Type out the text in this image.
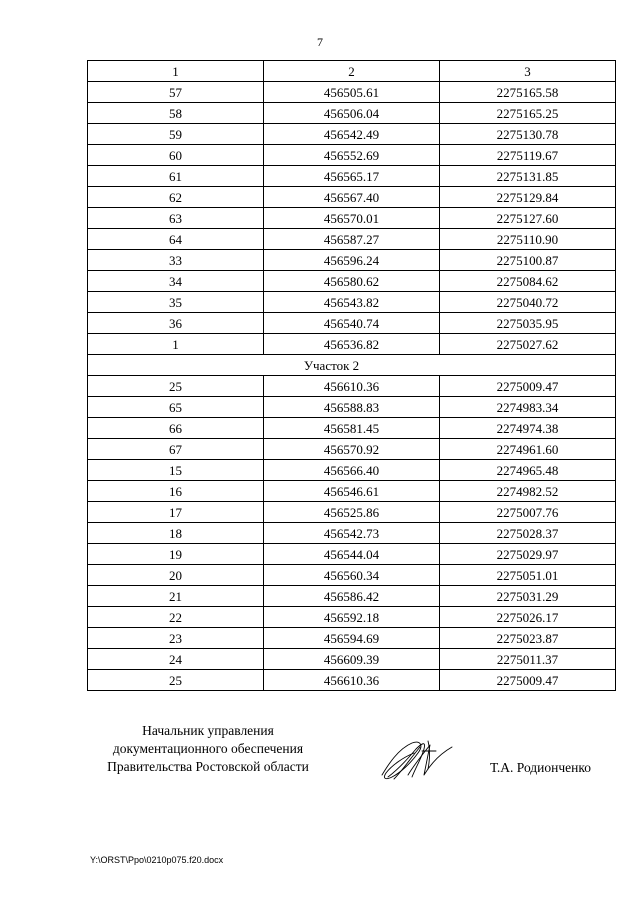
7
1	2	3
57	456505.61	2275165.58
58	456506.04	2275165.25
59	456542.49	2275130.78
60	456552.69	2275119.67
61	456565.17	2275131.85
62	456567.40	2275129.84
63	456570.01	2275127.60
64	456587.27	2275110.90
33	456596.24	2275100.87
34	456580.62	2275084.62
35	456543.82	2275040.72
36	456540.74	2275035.95
1	456536.82	2275027.62
Участок 2		
25	456610.36	2275009.47
65	456588.83	2274983.34
66	456581.45	2274974.38
67	456570.92	2274961.60
15	456566.40	2274965.48
16	456546.61	2274982.52
17	456525.86	2275007.76
18	456542.73	2275028.37
19	456544.04	2275029.97
20	456560.34	2275051.01
21	456586.42	2275031.29
22	456592.18	2275026.17
23	456594.69	2275023.87
24	456609.39	2275011.37
25	456610.36	2275009.47
Начальник управления
документационного обеспечения
Правительства Ростовской области	Т.А. Родионченко
Y:\ORST\Ppo\0210p075.f20.docx
